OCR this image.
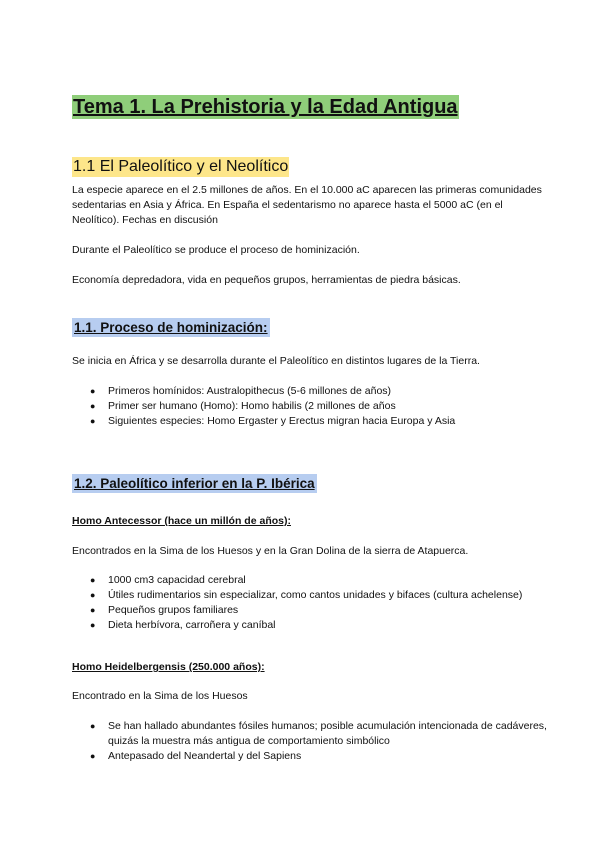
Tema 1. La Prehistoria y la Edad Antigua
1.1 El Paleolítico y el Neolítico

La especie aparece en el 2.5 millones de años. En el 10.000 aC aparecen las primeras comunidades sedentarias en Asia y África. En España el sedentarismo no aparece hasta el 5000 aC (en el Neolítico). Fechas en discusión

Durante el Paleolítico se produce el proceso de hominización.

Economía depredadora, vida en pequeños grupos, herramientas de piedra básicas.

1.1. Proceso de hominización:

Se inicia en África y se desarrolla durante el Paleolítico en distintos lugares de la Tierra.

● Primeros homínidos: Australopithecus (5-6 millones de años)
● Primer ser humano (Homo): Homo habilis (2 millones de años
● Siguientes especies: Homo Ergaster y Erectus migran hacia Europa y Asia
1.2. Paleolítico inferior en la P. Ibérica
Homo Antecessor (hace un millón de años):

Encontrados en la Sima de los Huesos y en la Gran Dolina de la sierra de Atapuerca.

● 1000 cm3 capacidad cerebral
● Útiles rudimentarios sin especializar, como cantos unidades y bifaces (cultura achelense)
● Pequeños grupos familiares
● Dieta herbívora, carroñera y caníbal
Homo Heidelbergensis (250.000 años):

Encontrado en la Sima de los Huesos

● Se han hallado abundantes fósiles humanos; posible acumulación intencionada de cadáveres, quizás la muestra más antigua de comportamiento simbólico
● Antepasado del Neandertal y del Sapiens
